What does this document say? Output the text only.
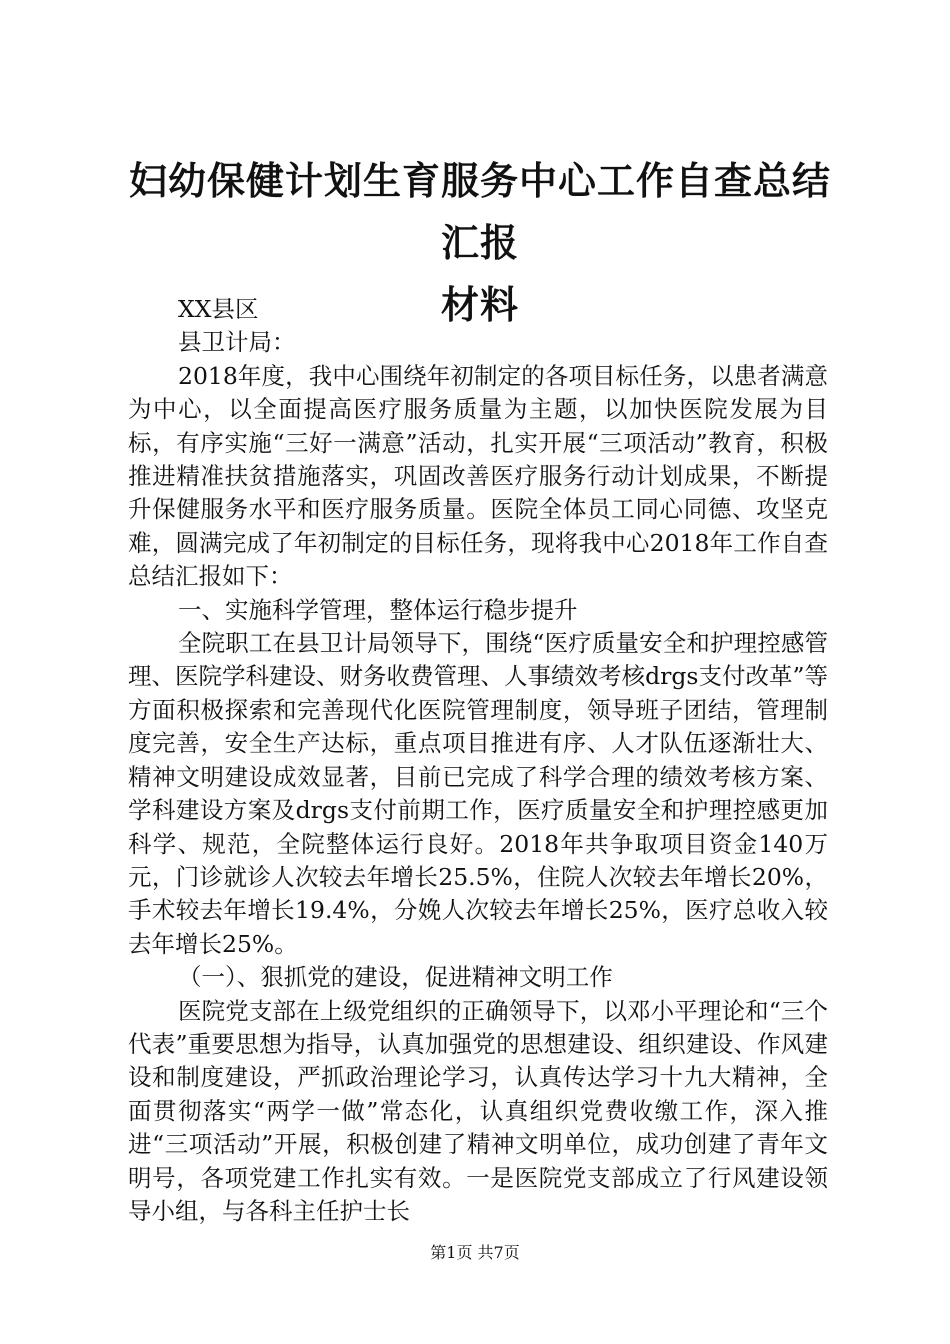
妇幼保健计划生育服务中心工作自查总结汇报
材料

XX县区

县卫计局：

2018年度，我中心围绕年初制定的各项目标任务，以患者满意为中心，以全面提高医疗服务质量为主题，以加快医院发展为目标，有序实施“三好一满意”活动，扎实开展“三项活动”教育，积极推进精准扶贫措施落实，巩固改善医疗服务行动计划成果，不断提升保健服务水平和医疗服务质量。医院全体员工同心同德、攻坚克难，圆满完成了年初制定的目标任务，现将我中心2018年工作自查总结汇报如下：

一、实施科学管理，整体运行稳步提升

全院职工在县卫计局领导下，围绕“医疗质量安全和护理控感管理、医院学科建设、财务收费管理、人事绩效考核drgs支付改革”等方面积极探索和完善现代化医院管理制度，领导班子团结，管理制度完善，安全生产达标，重点项目推进有序、人才队伍逐渐壮大、精神文明建设成效显著，目前已完成了科学合理的绩效考核方案、学科建设方案及drgs支付前期工作，医疗质量安全和护理控感更加科学、规范，全院整体运行良好。2018年共争取项目资金140万元，门诊就诊人次较去年增长25.5%，住院人次较去年增长20%，手术较去年增长19.4%，分娩人次较去年增长25%，医疗总收入较去年增长25%。

（一）、狠抓党的建设，促进精神文明工作

医院党支部在上级党组织的正确领导下，以邓小平理论和“三个代表”重要思想为指导，认真加强党的思想建设、组织建设、作风建设和制度建设，严抓政治理论学习，认真传达学习十九大精神，全面贯彻落实“两学一做”常态化，认真组织党费收缴工作，深入推进“三项活动”开展，积极创建了精神文明单位，成功创建了青年文明号，各项党建工作扎实有效。一是医院党支部成立了行风建设领导小组，与各科主任护士长

第1页 共7页
